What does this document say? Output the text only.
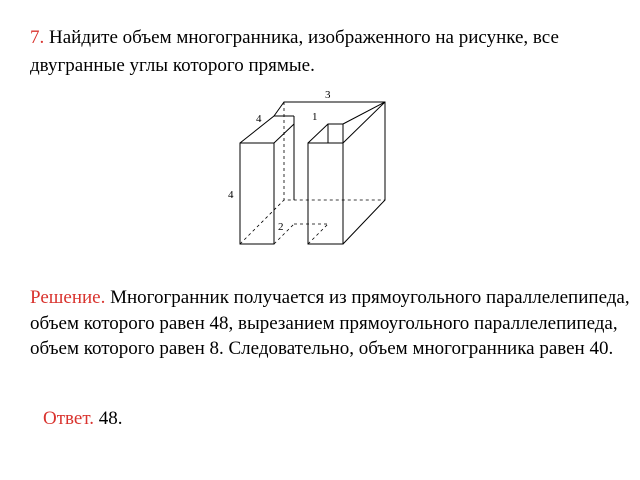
7. Найдите объем многогранника, изображенного на рисунке, все двугранные углы которого прямые.
3
4	1
4
2
Решение. Многогранник получается из прямоугольного параллелепипеда, объем которого равен 48, вырезанием прямоугольного параллелепипеда, объем которого равен 8. Следовательно, объем многогранника равен 40.
Ответ. 48.
